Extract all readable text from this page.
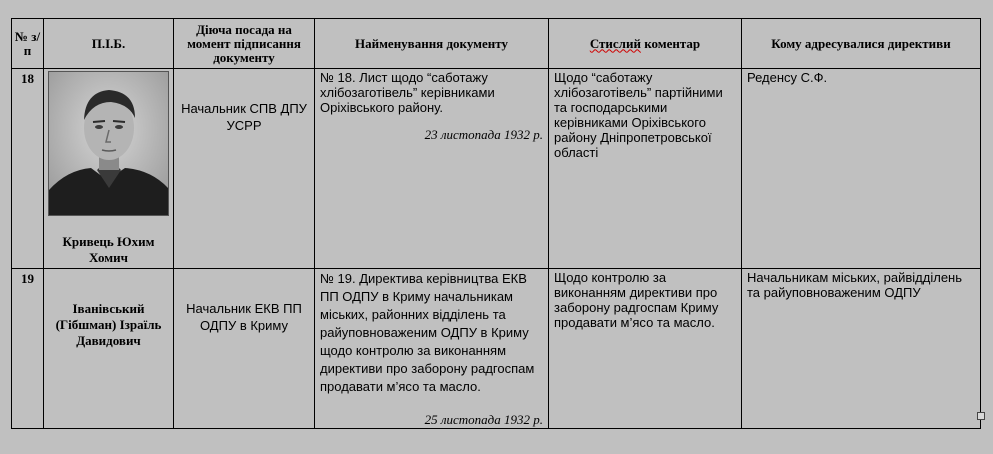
№ з/п	П.І.Б.	Діюча посада на момент підписання документу	Найменування документу	Стислий коментар	Кому адресувалися директиви
18	Кривець Юхим Хомич	Начальник СПВ ДПУ УСРР	№ 18. Лист щодо “саботажу хлібозаготівель” керівниками Оріхівського району.
23 листопада 1932 р.	Щодо “саботажу хлібозаготівель” партійними та господарськими керівниками Оріхівського району Дніпропетровської області	Реденсу С.Ф.

19	Іванівський (Гібшман) Ізраїль Давидович	Начальник ЕКВ ПП ОДПУ в Криму	№ 19. Директива керівництва ЕКВ ПП ОДПУ в Криму начальникам міських, районних відділень та райуповноваженим ОДПУ в Криму щодо контролю за виконанням директиви про заборону радгоспам продавати м’ясо та масло.
25 листопада 1932 р.	Щодо контролю за виконанням директиви про заборону радгоспам Криму продавати м’ясо та масло.	Начальникам міських, райвідділень та райуповноваженим ОДПУ
